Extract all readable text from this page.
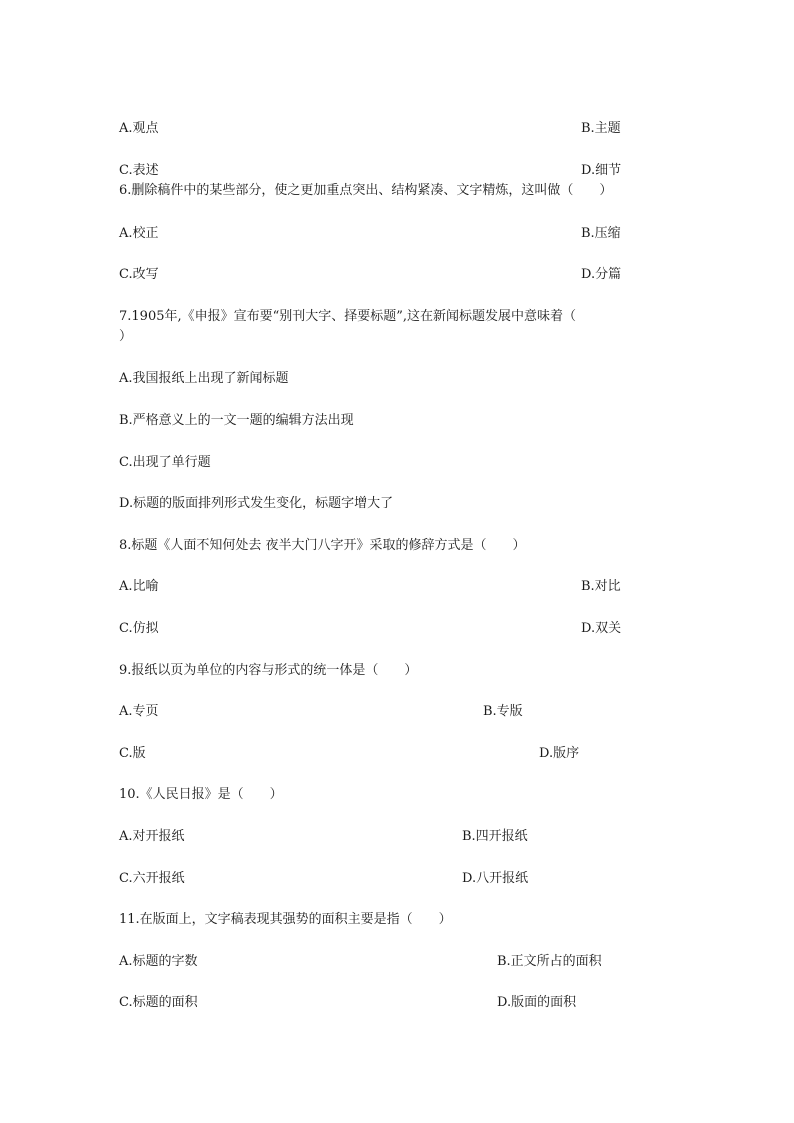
A.观点	B.主题
C.表述	D.细节
6.删除稿件中的某些部分，使之更加重点突出、结构紧凑、文字精炼，这叫做（　　）
A.校正	B.压缩
C.改写	D.分篇
7.1905年,《申报》宣布要“别刊大字、择要标题”,这在新闻标题发展中意味着（
）
A.我国报纸上出现了新闻标题
B.严格意义上的一文一题的编辑方法出现
C.出现了单行题
D.标题的版面排列形式发生变化，标题字增大了
8.标题《人面不知何处去 夜半大门八字开》采取的修辞方式是（　　）
A.比喻	B.对比
C.仿拟	D.双关
9.报纸以页为单位的内容与形式的统一体是（　　）
A.专页	B.专版
C.版	D.版序
10.《人民日报》是（　　）
A.对开报纸	B.四开报纸
C.六开报纸	D.八开报纸
11.在版面上，文字稿表现其强势的面积主要是指（　　）
A.标题的字数	B.正文所占的面积
C.标题的面积	D.版面的面积
